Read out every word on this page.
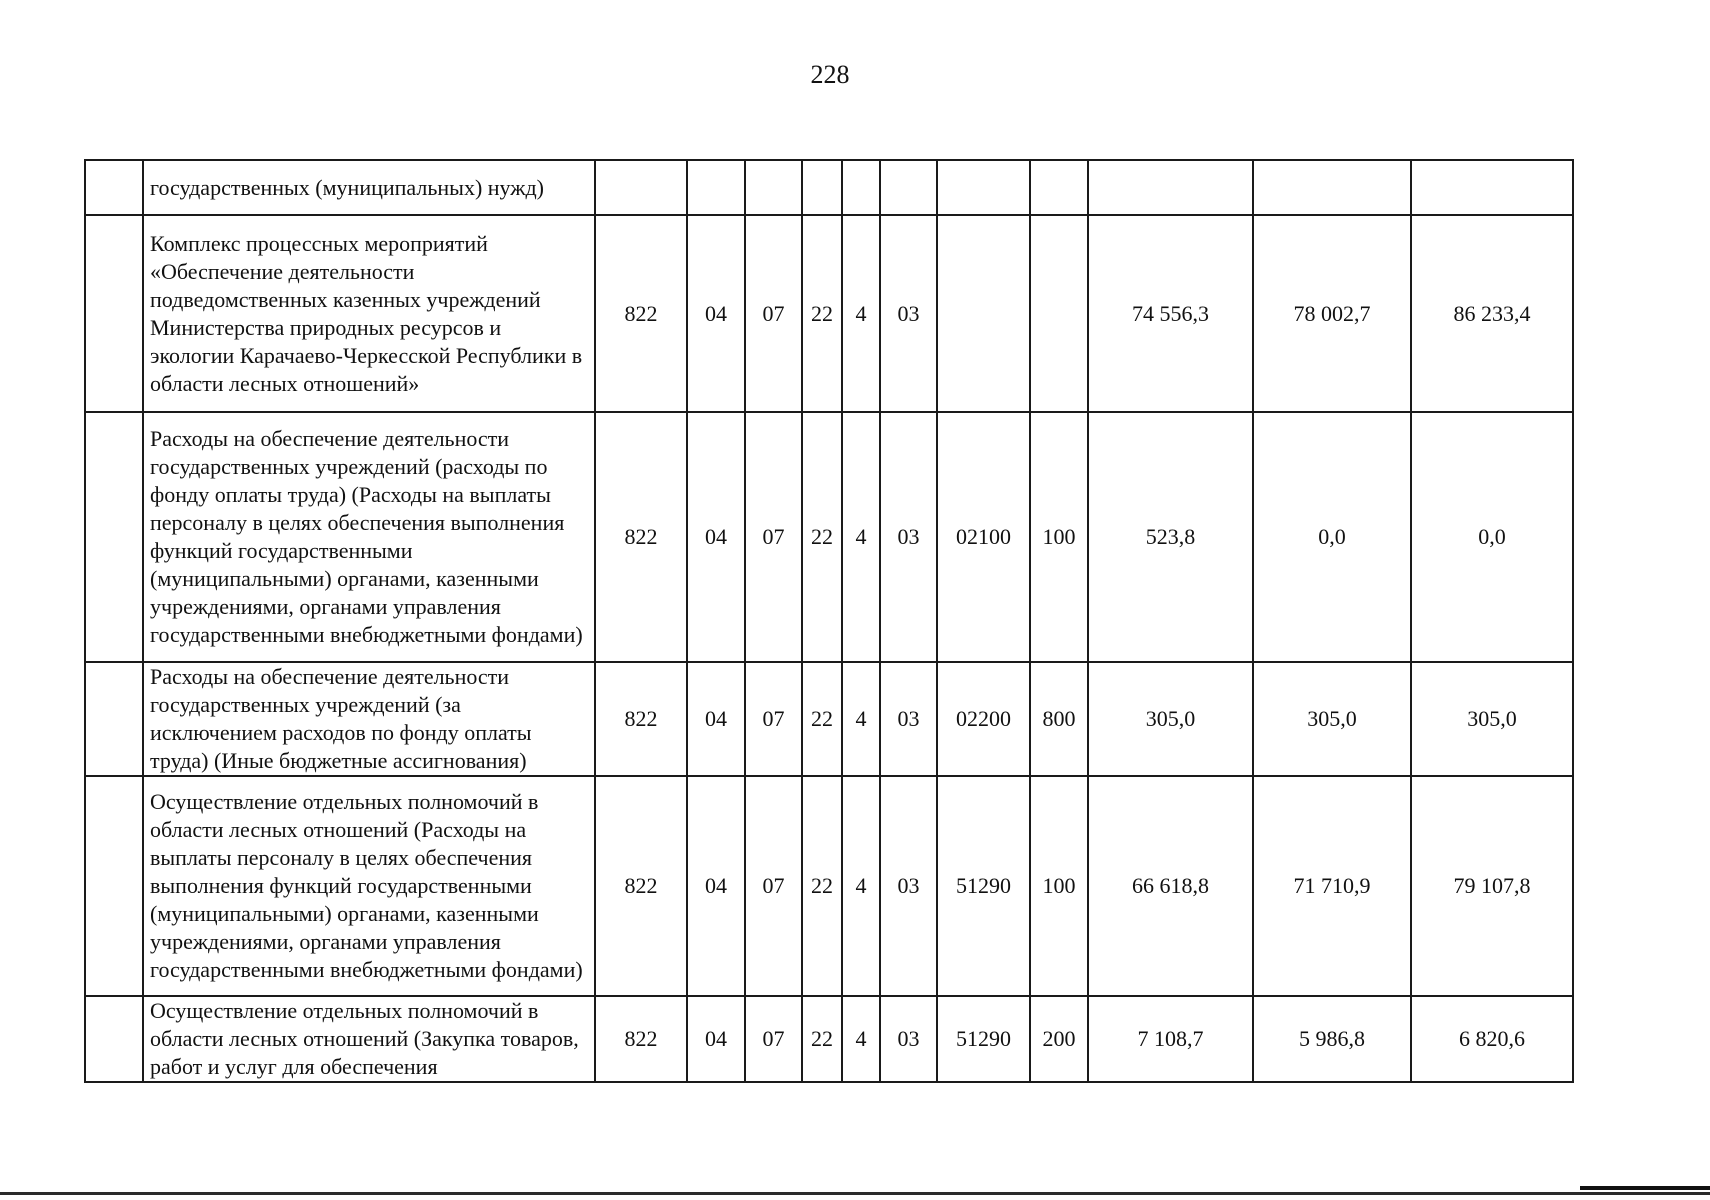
228
	государственных (муниципальных) нужд)											
	Комплекс процессных мероприятий «Обеспечение деятельности подведомственных казенных учреждений Министерства природных ресурсов и экологии Карачаево-Черкесской Республики в области лесных отношений»	822	04	07	22	4	03			74 556,3	78 002,7	86 233,4
	Расходы на обеспечение деятельности государственных учреждений (расходы по фонду оплаты труда) (Расходы на выплаты персоналу в целях обеспечения выполнения функций государственными (муниципальными) органами, казенными учреждениями, органами управления государственными внебюджетными фондами)	822	04	07	22	4	03	02100	100	523,8	0,0	0,0
	Расходы на обеспечение деятельности государственных учреждений (за исключением расходов по фонду оплаты труда) (Иные бюджетные ассигнования)	822	04	07	22	4	03	02200	800	305,0	305,0	305,0
	Осуществление отдельных полномочий в области лесных отношений (Расходы на выплаты персоналу в целях обеспечения выполнения функций государственными (муниципальными) органами, казенными учреждениями, органами управления государственными внебюджетными фондами)	822	04	07	22	4	03	51290	100	66 618,8	71 710,9	79 107,8
	Осуществление отдельных полномочий в области лесных отношений (Закупка товаров, работ и услуг для обеспечения	822	04	07	22	4	03	51290	200	7 108,7	5 986,8	6 820,6
